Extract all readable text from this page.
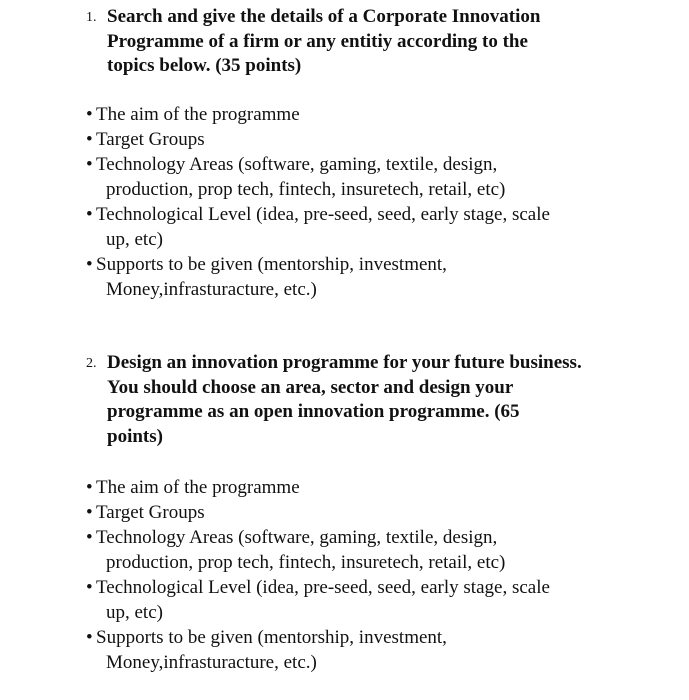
1. Search and give the details of a Corporate Innovation
Programme of a firm or any entitiy according to the
topics below. (35 points)
• The aim of the programme
• Target Groups
• Technology Areas (software, gaming, textile, design,
production, prop tech, fintech, insuretech, retail, etc)
• Technological Level (idea, pre-seed, seed, early stage, scale
up, etc)
• Supports to be given (mentorship, investment,
Money,infrasturacture, etc.)
2. Design an innovation programme for your future business.
You should choose an area, sector and design your
programme as an open innovation programme. (65
points)
• The aim of the programme
• Target Groups
• Technology Areas (software, gaming, textile, design,
production, prop tech, fintech, insuretech, retail, etc)
• Technological Level (idea, pre-seed, seed, early stage, scale
up, etc)
• Supports to be given (mentorship, investment,
Money,infrasturacture, etc.)
